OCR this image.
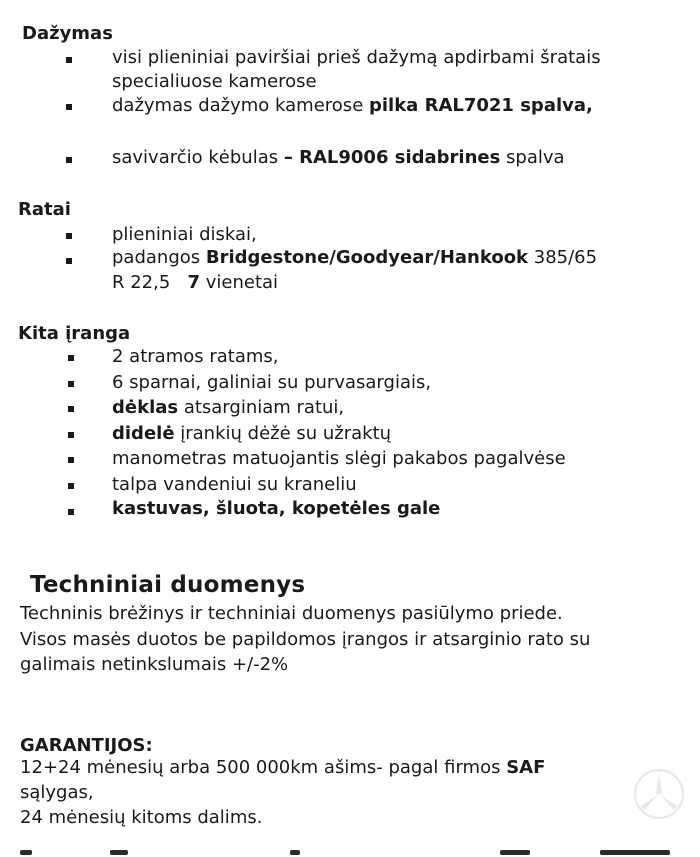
Dažymas
visi plieniniai paviršiai prieš dažymą apdirbami šratais
specialiuose kamerose
dažymas dažymo kamerose pilka RAL7021 spalva,
savivarčio kėbulas – RAL9006 sidabrines spalva
Ratai
plieniniai diskai,
padangos Bridgestone/Goodyear/Hankook 385/65
R 22,5   7 vienetai
Kita įranga
2 atramos ratams,
6 sparnai, galiniai su purvasargiais,
dėklas atsarginiam ratui,
didelė įrankių dėžė su užraktų
manometras matuojantis slėgi pakabos pagalvėse
talpa vandeniui su kraneliu
kastuvas, šluota, kopetėles gale
Techniniai duomenys
Techninis brėžinys ir techniniai duomenys pasiūlymo priede.
Visos masės duotos be papildomos įrangos ir atsarginio rato su
galimais netinkslumais +/-2%
GARANTIJOS:
12+24 mėnesių arba 500 000km ašims- pagal firmos SAF
sąlygas,
24 mėnesių kitoms dalims.
